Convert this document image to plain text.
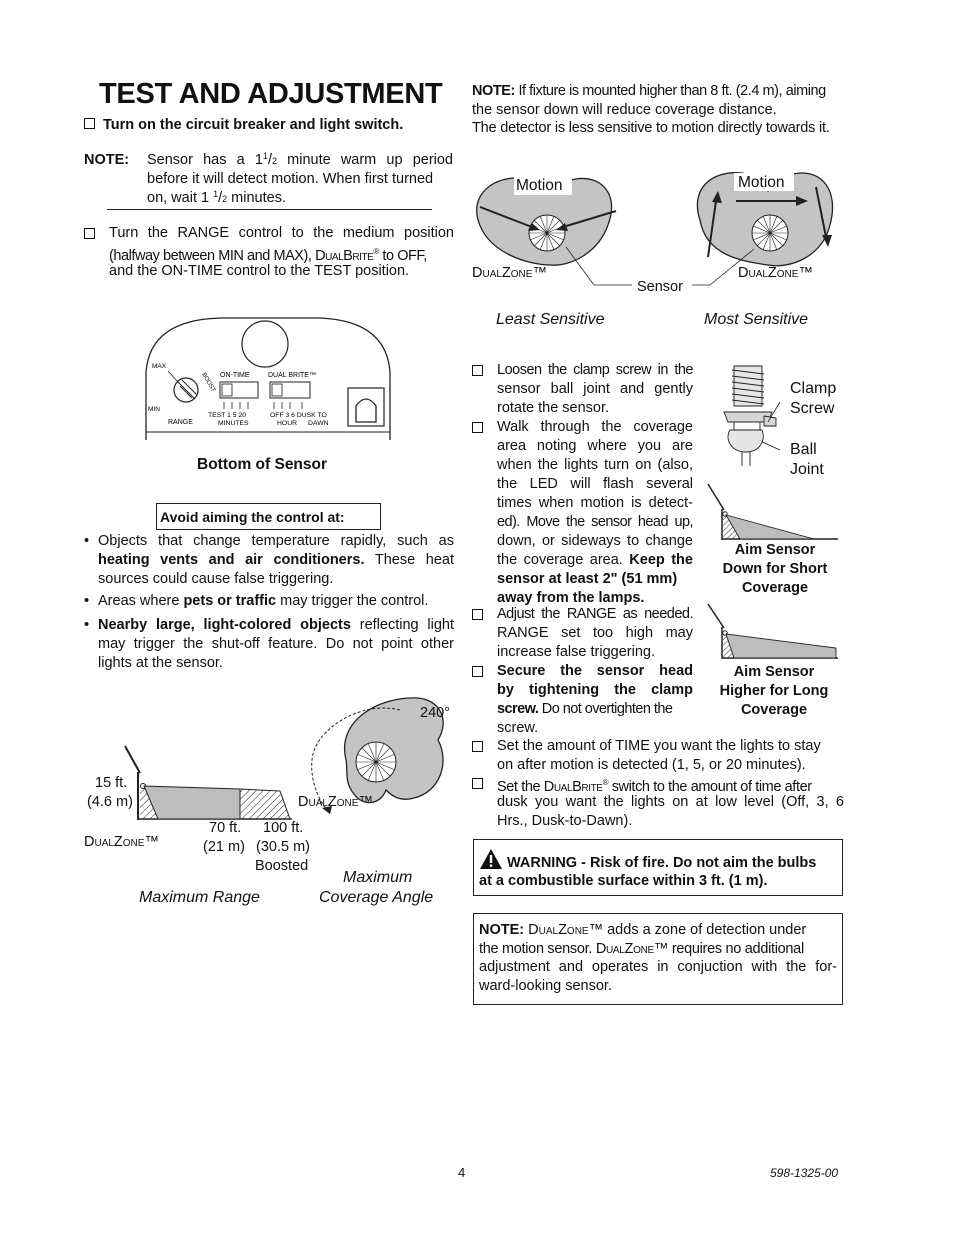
TEST AND ADJUSTMENT
Turn on the circuit breaker and light switch.
NOTE: Sensor has a $1^1/2$ minute warm up period
before it will detect motion. When first turned
on, wait 1 $^1$/2 minutes.
Turn the RANGE control to the medium position
(halfway between MIN and MAX), DualBrite® to OFF,
and the ON-TIME control to the TEST position.
MAX
MIN
BOOST
RANGE
ON-TIME	DUAL BRITE™
TEST 1 5 20
MINUTES
OFF 3 6 DUSK TO
HOUR DAWN
Bottom of Sensor
Avoid aiming the control at:
• Objects that change temperature rapidly, such as
heating vents and air conditioners. These heat
sources could cause false triggering.
• Areas where pets or traffic may trigger the control.
• Nearby large, light-colored objects reflecting light
may trigger the shut-off feature. Do not point other
lights at the sensor.
15 ft.
(4.6 m)
DualZone™
70 ft.
(21 m)
100 ft.
(30.5 m)
Boosted
Maximum Range
240°
DualZone™
Maximum
Coverage Angle
NOTE: If fixture is mounted higher than 8 ft. (2.4 m), aiming
the sensor down will reduce coverage distance.
The detector is less sensitive to motion directly towards it.
Motion	Motion
DualZone™	DualZone™
Sensor
Least Sensitive	Most Sensitive
Loosen the clamp screw in the
sensor ball joint and gently
rotate the sensor.
Walk through the coverage
area noting where you are
when the lights turn on (also,
the LED will flash several
times when motion is detect-
ed). Move the sensor head up,
down, or sideways to change
the coverage area. Keep the
sensor at least 2" (51 mm)
away from the lamps.
Adjust the RANGE as needed.
RANGE set too high may
increase false triggering.
Secure the sensor head
by tightening the clamp
screw. Do not overtighten the
screw.
Set the amount of TIME you want the lights to stay
on after motion is detected (1, 5, or 20 minutes).
Set the DualBrite® switch to the amount of time after
dusk you want the lights on at low level (Off, 3, 6
Hrs., Dusk-to-Dawn).
Clamp
Screw
Ball
Joint
Aim Sensor
Down for Short
Coverage
Aim Sensor
Higher for Long
Coverage
WARNING - Risk of fire. Do not aim the bulbs
at a combustible surface within 3 ft. (1 m).
NOTE: DualZone™ adds a zone of detection under
the motion sensor. DualZone™ requires no additional
adjustment and operates in conjuction with the for-
ward-looking sensor.
4	598-1325-00
